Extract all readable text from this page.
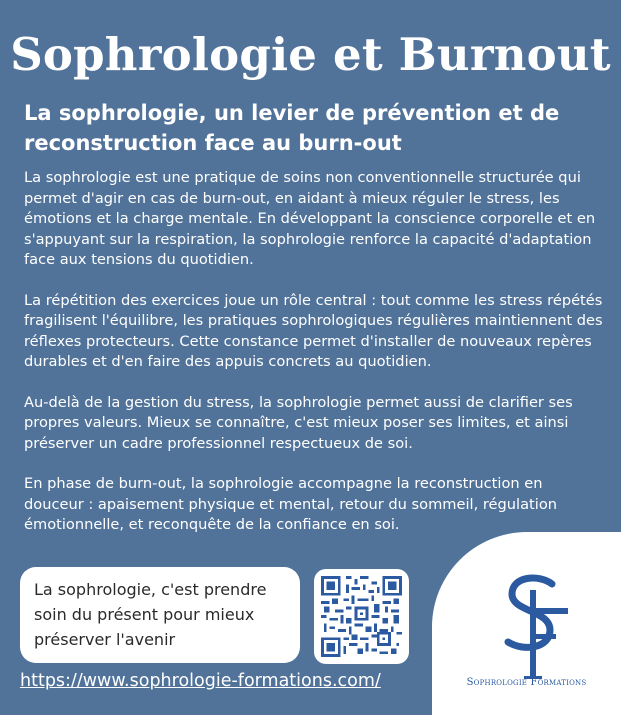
Sophrologie et Burnout
La sophrologie, un levier de prévention et de reconstruction face au burn-out

La sophrologie est une pratique de soins non conventionnelle structurée qui permet d'agir en cas de burn-out, en aidant à mieux réguler le stress, les émotions et la charge mentale. En développant la conscience corporelle et en s'appuyant sur la respiration, la sophrologie renforce la capacité d'adaptation face aux tensions du quotidien.

La répétition des exercices joue un rôle central : tout comme les stress répétés fragilisent l'équilibre, les pratiques sophrologiques régulières maintiennent des réflexes protecteurs. Cette constance permet d'installer de nouveaux repères durables et d'en faire des appuis concrets au quotidien.

Au-delà de la gestion du stress, la sophrologie permet aussi de clarifier ses propres valeurs. Mieux se connaître, c'est mieux poser ses limites, et ainsi préserver un cadre professionnel respectueux de soi.

En phase de burn-out, la sophrologie accompagne la reconstruction en douceur : apaisement physique et mental, retour du sommeil, régulation émotionnelle, et reconquête de la confiance en soi.

La sophrologie, c'est prendre
soin du présent pour mieux
préserver l'avenir
https://www.sophrologie-formations.com/	Sophrologie Formations
